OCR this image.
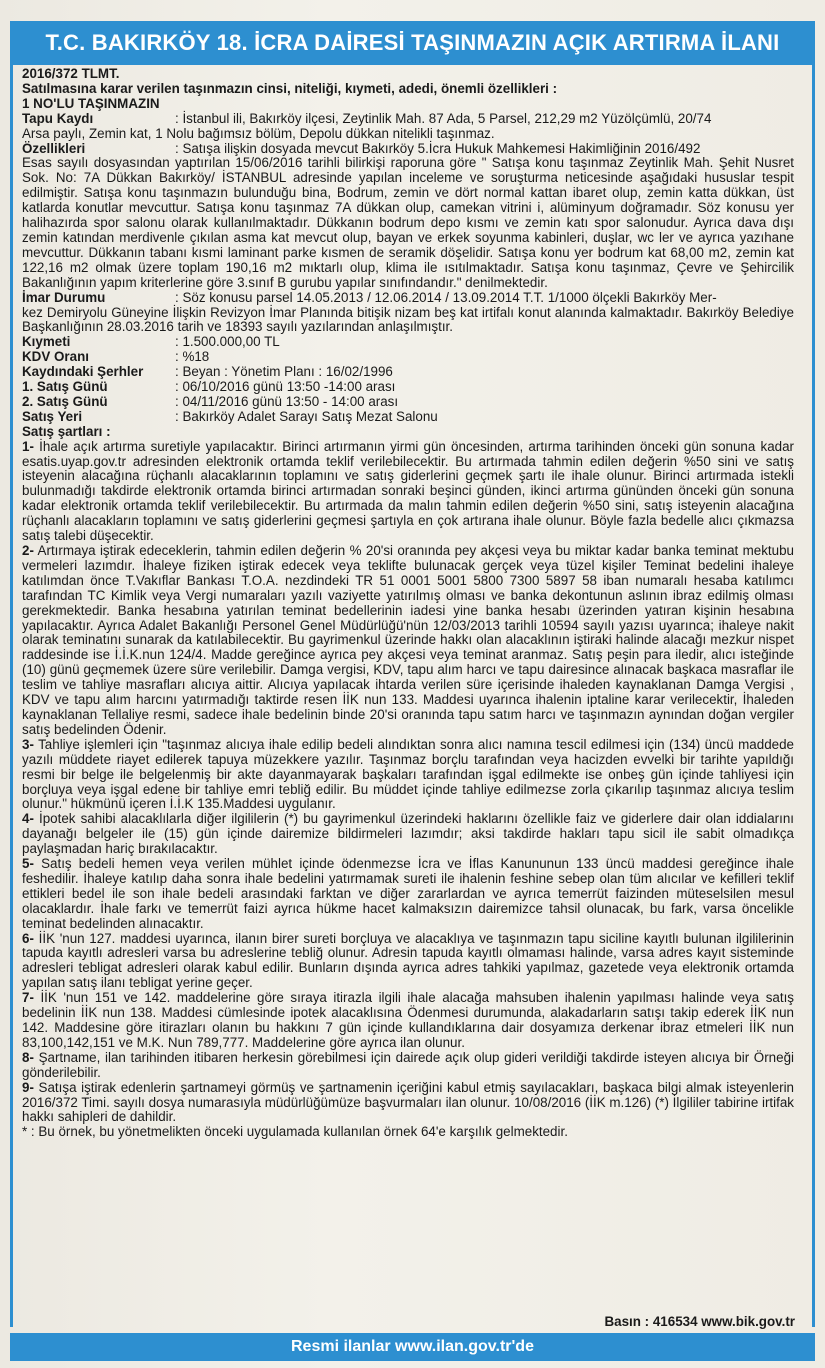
T.C. BAKIRKÖY 18. İCRA DAİRESİ TAŞINMAZIN AÇIK ARTIRMA İLANI
2016/372 TLMT.
Satılmasına karar verilen taşınmazın cinsi, niteliği, kıymeti, adedi, önemli özellikleri :
1 NO'LU TAŞINMAZIN
Tapu Kaydı	: İstanbul ili, Bakırköy ilçesi, Zeytinlik Mah. 87 Ada, 5 Parsel, 212,29 m2 Yüzölçümlü, 20/74
Arsa paylı, Zemin kat, 1 Nolu bağımsız bölüm, Depolu dükkan nitelikli taşınmaz.
Özellikleri	: Satışa ilişkin dosyada mevcut Bakırköy 5.İcra Hukuk Mahkemesi Hakimliğinin 2016/492
Esas sayılı dosyasından yaptırılan 15/06/2016 tarihli bilirkişi raporuna göre " Satışa konu taşınmaz Zeytinlik Mah. Şehit Nusret Sok. No: 7A Dükkan Bakırköy/ İSTANBUL adresinde yapılan inceleme ve soruşturma neticesinde aşağıdaki hususlar tespit edilmiştir. Satışa konu taşınmazın bulunduğu bina, Bodrum, zemin ve dört normal kattan ibaret olup, zemin katta dükkan, üst katlarda konutlar mevcuttur. Satışa konu taşınmaz 7A dükkan olup, camekan vitrini i, alüminyum doğramadır. Söz konusu yer halihazırda spor salonu olarak kullanılmaktadır. Dükkanın bodrum depo kısmı ve zemin katı spor salonudur. Ayrıca dava dışı zemin katından merdivenle çıkılan asma kat mevcut olup, bayan ve erkek soyunma kabinleri, duşlar, wc ler ve ayrıca yazıhane mevcuttur. Dükkanın tabanı kısmi laminant parke kısmen de seramik döşelidir. Satışa konu yer bodrum kat 68,00 m2, zemin kat 122,16 m2 olmak üzere toplam 190,16 m2 mıktarlı olup, klima ile ısıtılmaktadır. Satışa konu taşınmaz, Çevre ve Şehircilik Bakanlığının yapım kriterlerine göre 3.sınıf B gurubu yapılar sınıfındandır." denilmektedir.
İmar Durumu	: Söz konusu parsel 14.05.2013 / 12.06.2014 / 13.09.2014 T.T. 1/1000 ölçekli Bakırköy Mer-
kez Demiryolu Güneyine İlişkin Revizyon İmar Planında bitişik nizam beş kat irtifalı konut alanında kalmaktadır. Bakırköy Belediye Başkanlığının 28.03.2016 tarih ve 18393 sayılı yazılarından anlaşılmıştır.
Kıymeti	: 1.500.000,00 TL
KDV Oranı	: %18
Kaydındaki Şerhler	: Beyan : Yönetim Planı : 16/02/1996
1. Satış Günü	: 06/10/2016 günü 13:50 -14:00 arası
2. Satış Günü	: 04/11/2016 günü 13:50 - 14:00 arası
Satış Yeri	: Bakırköy Adalet Sarayı Satış Mezat Salonu
Satış şartları :
1- İhale açık artırma suretiyle yapılacaktır. Birinci artırmanın yirmi gün öncesinden, artırma tarihinden önceki gün sonuna kadar esatis.uyap.gov.tr adresinden elektronik ortamda teklif verilebilecektir. Bu artırmada tahmin edilen değerin %50 sini ve satış isteyenin alacağına rüçhanlı alacaklarının toplamını ve satış giderlerini geçmek şartı ile ihale olunur. Birinci artırmada istekli bulunmadığı takdirde elektronik ortamda birinci artırmadan sonraki beşinci günden, ikinci artırma gününden önceki gün sonuna kadar elektronik ortamda teklif verilebilecektir. Bu artırmada da malın tahmin edilen değerin %50 sini, satış isteyenin alacağına rüçhanlı alacakların toplamını ve satış giderlerini geçmesi şartıyla en çok artırana ihale olunur. Böyle fazla bedelle alıcı çıkmazsa satış talebi düşecektir.
2- Artırmaya iştirak edeceklerin, tahmin edilen değerin % 20'si oranında pey akçesi veya bu miktar kadar banka teminat mektubu vermeleri lazımdır. İhaleye fiziken iştirak edecek veya teklifte bulunacak gerçek veya tüzel kişiler Teminat bedelini ihaleye katılımdan önce T.Vakıflar Bankası T.O.A. nezdindeki TR 51 0001 5001 5800 7300 5897 58 iban numaralı hesaba katılımcı tarafından TC Kimlik veya Vergi numaraları yazılı vaziyette yatırılmış olması ve banka dekontunun aslının ibraz edilmiş olması gerekmektedir. Banka hesabına yatırılan teminat bedellerinin iadesi yine banka hesabı üzerinden yatıran kişinin hesabına yapılacaktır. Ayrıca Adalet Bakanlığı Personel Genel Müdürlüğü'nün 12/03/2013 tarihli 10594 sayılı yazısı uyarınca; ihaleye nakit olarak teminatını sunarak da katılabilecektir. Bu gayrimenkul üzerinde hakkı olan alacaklının iştiraki halinde alacağı mezkur nispet raddesinde ise İ.İ.K.nun 124/4. Madde gereğince ayrıca pey akçesi veya teminat aranmaz. Satış peşin para iledir, alıcı isteğinde (10) günü geçmemek üzere süre verilebilir. Damga vergisi, KDV, tapu alım harcı ve tapu dairesince alınacak başkaca masraflar ile teslim ve tahliye masrafları alıcıya aittir. Alıcıya yapılacak ihtarda verilen süre içerisinde ihaleden kaynaklanan Damga Vergisi , KDV ve tapu alım harcını yatırmadığı taktirde resen İİK nun 133. Maddesi uyarınca ihalenin iptaline karar verilecektir, İhaleden kaynaklanan Tellaliye resmi, sadece ihale bedelinin binde 20'si oranında tapu satım harcı ve taşınmazın aynından doğan vergiler satış bedelinden Ödenir.
3- Tahliye işlemleri için "taşınmaz alıcıya ihale edilip bedeli alındıktan sonra alıcı namına tescil edilmesi için (134) üncü maddede yazılı müddete riayet edilerek tapuya müzekkere yazılır. Taşınmaz borçlu tarafından veya hacizden evvelki bir tarihte yapıldığı resmi bir belge ile belgelenmiş bir akte dayanmayarak başkaları tarafından işgal edilmekte ise onbeş gün içinde tahliyesi için borçluya veya işgal edene bir tahliye emri tebliğ edilir. Bu müddet içinde tahliye edilmezse zorla çıkarılıp taşınmaz alıcıya teslim olunur." hükmünü içeren İ.İ.K 135.Maddesi uygulanır.
4- İpotek sahibi alacaklılarla diğer ilgililerin (*) bu gayrimenkul üzerindeki haklarını özellikle faiz ve giderlere dair olan iddialarını dayanağı belgeler ile (15) gün içinde dairemize bildirmeleri lazımdır; aksi takdirde hakları tapu sicil ile sabit olmadıkça paylaşmadan hariç bırakılacaktır.
5- Satış bedeli hemen veya verilen mühlet içinde ödenmezse İcra ve İflas Kanununun 133 üncü maddesi gereğince ihale feshedilir. İhaleye katılıp daha sonra ihale bedelini yatırmamak sureti ile ihalenin feshine sebep olan tüm alıcılar ve kefilleri teklif ettikleri bedel ile son ihale bedeli arasındaki farktan ve diğer zararlardan ve ayrıca temerrüt faizinden müteselsilen mesul olacaklardır. İhale farkı ve temerrüt faizi ayrıca hükme hacet kalmaksızın dairemizce tahsil olunacak, bu fark, varsa öncelikle teminat bedelinden alınacaktır.
6- İİK 'nun 127. maddesi uyarınca, ilanın birer sureti borçluya ve alacaklıya ve taşınmazın tapu siciline kayıtlı bulunan ilgililerinin tapuda kayıtlı adresleri varsa bu adreslerine tebliğ olunur. Adresin tapuda kayıtlı olmaması halinde, varsa adres kayıt sisteminde adresleri tebligat adresleri olarak kabul edilir. Bunların dışında ayrıca adres tahkiki yapılmaz, gazetede veya elektronik ortamda yapılan satış ilanı tebligat yerine geçer.
7- İİK 'nun 151 ve 142. maddelerine göre sıraya itirazla ilgili ihale alacağa mahsuben ihalenin yapılması halinde veya satış bedelinin İİK nun 138. Maddesi cümlesinde ipotek alacaklısına Ödenmesi durumunda, alakadarların satışı takip ederek İİK nun 142. Maddesine göre itirazları olanın bu hakkını 7 gün içinde kullandıklarına dair dosyamıza derkenar ibraz etmeleri İİK nun 83,100,142,151 ve M.K. Nun 789,777. Maddelerine göre ayrıca ilan olunur.
8- Şartname, ilan tarihinden itibaren herkesin görebilmesi için dairede açık olup gideri verildiği takdirde isteyen alıcıya bir Örneği gönderilebilir.
9- Satışa iştirak edenlerin şartnameyi görmüş ve şartnamenin içeriğini kabul etmiş sayılacakları, başkaca bilgi almak isteyenlerin 2016/372 Timi. sayılı dosya numarasıyla müdürlüğümüze başvurmaları ilan olunur. 10/08/2016 (İİK m.126) (*) İlgililer tabirine irtifak hakkı sahipleri de dahildir.
* : Bu örnek, bu yönetmelikten önceki uygulamada kullanılan örnek 64'e karşılık gelmektedir.
Basın : 416534 www.bik.gov.tr
Resmi ilanlar www.ilan.gov.tr'de
